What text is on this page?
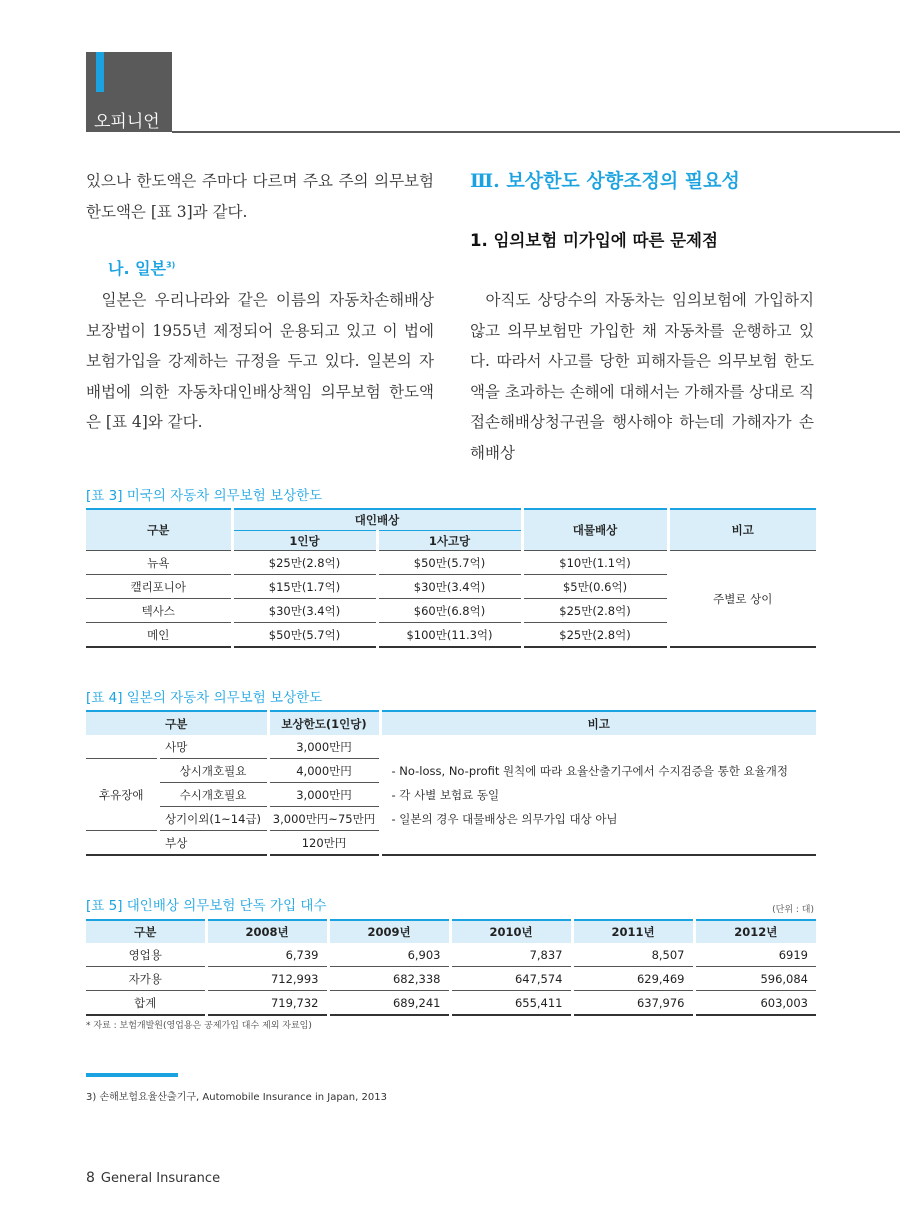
오피니언

있으나 한도액은 주마다 다르며 주요 주의 의무보험 한도액은 [표 3]과 같다.

나. 일본$^{3)}$

일본은 우리나라와 같은 이름의 자동차손해배상 보장법이 1955년 제정되어 운용되고 있고 이 법에 보험가입을 강제하는 규정을 두고 있다. 일본의 자배법에 의한 자동차대인배상책임 의무보험 한도액은 [표 4]와 같다.

Ⅲ. 보상한도 상향조정의 필요성
1. 임의보험 미가입에 따른 문제점

아직도 상당수의 자동차는 임의보험에 가입하지 않고 의무보험만 가입한 채 자동차를 운행하고 있다. 따라서 사고를 당한 피해자들은 의무보험 한도액을 초과하는 손해에 대해서는 가해자를 상대로 직접손해배상청구권을 행사해야 하는데 가해자가 손해배상

[표 3] 미국의 자동차 의무보험 보상한도
구분	대인배상		대물배상	비고
	1인당	1사고당		
뉴욕	$25만(2.8억)	$50만(5.7억)	$10만(1.1억)	주별로 상이
캘리포니아	$15만(1.7억)	$30만(3.4억)	$5만(0.6억)	
텍사스	$30만(3.4억)	$60만(6.8억)	$25만(2.8억)	
메인	$50만(5.7억)	$100만(11.3억)	$25만(2.8억)	
[표 4] 일본의 자동차 의무보험 보상한도
구분		보상한도(1인당)	비고
사망		3,000만円	- No-loss, No-profit 원칙에 따라 요율산출기구에서 수지검증을 통한 요율개정
- 각 사별 보험료 동일
- 일본의 경우 대물배상은 의무가입 대상 아님

후유장애	상시개호필요	4,000만円	
	수시개호필요	3,000만円	
	상기이외(1~14급)	3,000만円~75만円	
부상		120만円	
[표 5] 대인배상 의무보험 단독 가입 대수	(단위 : 대)
구분	2008년	2009년	2010년	2011년	2012년
영업용	6,739	6,903	7,837	8,507	6919
자가용	712,993	682,338	647,574	629,469	596,084
합계	719,732	689,241	655,411	637,976	603,003
* 자료 : 보험개발원(영업용은 공제가입 대수 제외 자료임)
3) 손해보험요율산출기구, Automobile Insurance in Japan, 2013
8 General Insurance
